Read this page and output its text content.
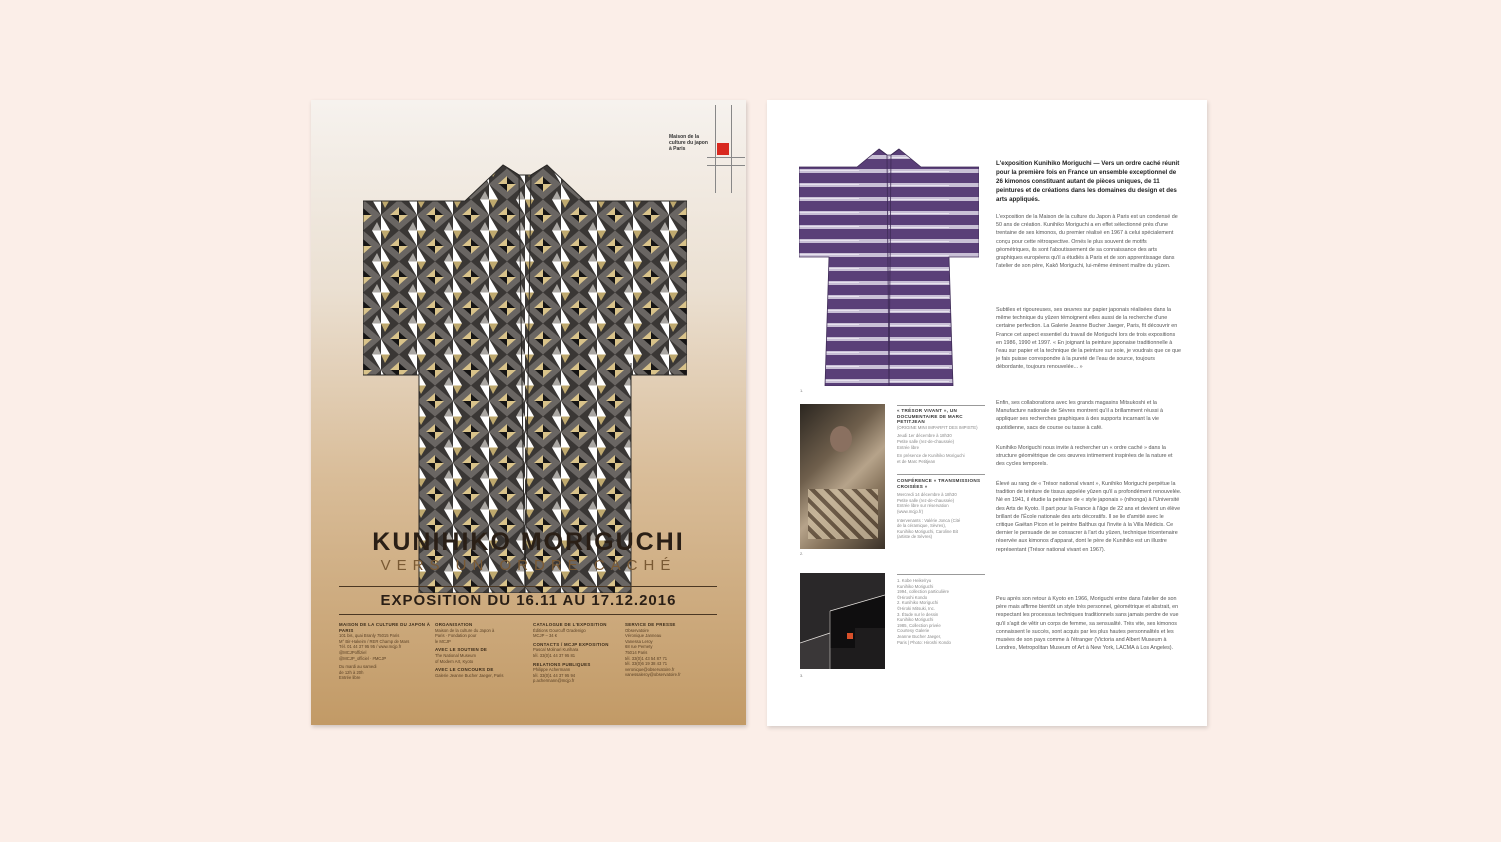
Maison de la culture du japon à Paris
KUNIHIKO MORIGUCHI
VERS UN ORDRE CACHÉ
EXPOSITION DU 16.11 AU 17.12.2016
MAISON DE LA CULTURE DU JAPON À PARIS
101 bis, quai Branly 75015 Paris
M° Bir-Hakeim / RER Champ de Mars
Tél. 01 44 37 95 95 / www.mcjp.fr
@MCJPoffiziel
@MCJP_officiel · #MCJP
Du mardi au samedi
de 12h à 20h
Entrée libre
ORGANISATION
Maison de la culture du Japon à
Paris · Fondation pour
le MCJP
AVEC LE SOUTIEN DE
The National Museum
of Modern Art, Kyoto
AVEC LE CONCOURS DE
Galerie Jeanne Bucher Jaeger, Paris
CATALOGUE DE L'EXPOSITION
Éditions Gourcuff Gradenigo
MCJP – 34 €
CONTACTS / MCJP EXPOSITION
Pascal Molinari Kurihara
tél. 33(0)1 44 37 95 81
RELATIONS PUBLIQUES
Philippe Achermann
tél. 33(0)1 44 37 95 94
p.achermann@mcjp.fr
SERVICE DE PRESSE
Observatoire
Véronique Janneau
Vanessa Leroy
68 rue Pernety
75014 Paris
tél. 33(0)1 43 54 87 71
tél. 33(0)6 19 38 43 71
veronique@observatoire.fr
vanessaleroy@observatoire.fr
1.
2.
3.
« TRÉSOR VIVANT », UN DOCUMENTAIRE DE MARC PETITJEAN
(ORIGINE MINI IMPARFIT DES IMPISTE)
Jeudi 1er décembre à 18h30
Petite salle (rez-de-chaussée)
Entrée libre
En présence de Kunihiko Moriguchi
et de Marc Petitjean
CONFÉRENCE « TRANSMISSIONS CROISÉES »
Mercredi 14 décembre à 18h30
Petite salle (rez-de-chaussée)
Entrée libre sur réservation
(www.mcjp.fr)
Intervenants : Valérie Jonca (Cité
de la céramique, Sèvres),
Kunihiko Moriguchi, Caroline Bit
(artiste de Sèvres)
1. Kobe Heike/ryu
Kunihiko Moriguchi
1994, collection particulière
©Hiroshi Kondo
2. Kunihiko Moriguchi
©Hiroki Mitsuki, Inc.
3. Étude sur le dessin
Kunihiko Moriguchi
1985, Collection privée
Courtesy Galerie
Jeanne Bucher Jaeger,
Paris | Photo: Hiroshi Kondo
L'exposition Kunihiko Moriguchi — Vers un ordre caché réunit pour la première fois en France un ensemble exceptionnel de 26 kimonos constituant autant de pièces uniques, de 11 peintures et de créations dans les domaines du design et des arts appliqués.
L'exposition de la Maison de la culture du Japon à Paris est un condensé de 50 ans de création. Kunihiko Moriguchi a en effet sélectionné près d'une trentaine de ses kimonos, du premier réalisé en 1967 à celui spécialement conçu pour cette rétrospective. Ornés le plus souvent de motifs géométriques, ils sont l'aboutissement de sa connaissance des arts graphiques européens qu'il a étudiés à Paris et de son apprentissage dans l'atelier de son père, Kakô Moriguchi, lui-même éminent maître du yûzen.
Subtiles et rigoureuses, ses œuvres sur papier japonais réalisées dans la même technique du yûzen témoignent elles aussi de la recherche d'une certaine perfection. La Galerie Jeanne Bucher Jaeger, Paris, fit découvrir en France cet aspect essentiel du travail de Moriguchi lors de trois expositions en 1986, 1990 et 1997. « En joignant la peinture japonaise traditionnelle à l'eau sur papier et la technique de la peinture sur soie, je voudrais que ce que je fais puisse correspondre à la pureté de l'eau de source, toujours débordante, toujours renouvelée... »
Enfin, ses collaborations avec les grands magasins Mitsukoshi et la Manufacture nationale de Sèvres montrent qu'il a brillamment réussi à appliquer ses recherches graphiques à des supports incarnant la vie quotidienne, sacs de course ou tasse à café.
Kunihiko Moriguchi nous invite à rechercher un « ordre caché » dans la structure géométrique de ces œuvres intimement inspirées de la nature et des cycles temporels.
Élevé au rang de « Trésor national vivant », Kunihiko Moriguchi perpétue la tradition de teinture de tissus appelée yûzen qu'il a profondément renouvelée. Né en 1941, il étudie la peinture de « style japonais » (nihonga) à l'Université des Arts de Kyoto. Il part pour la France à l'âge de 22 ans et devient un élève brillant de l'École nationale des arts décoratifs. Il se lie d'amitié avec le critique Gaëtan Picon et le peintre Balthus qui l'invite à la Villa Médicis. Ce dernier le persuade de se consacrer à l'art du yûzen, technique tricentenaire réservée aux kimonos d'apparat, dont le père de Kunihiko est un illustre représentant (Trésor national vivant en 1967).
Peu après son retour à Kyoto en 1966, Moriguchi entre dans l'atelier de son père mais affirme bientôt un style très personnel, géométrique et abstrait, en respectant les processus techniques traditionnels sans jamais perdre de vue qu'il s'agit de vêtir un corps de femme, sa sensualité. Très vite, ses kimonos connaissent le succès, sont acquis par les plus hautes personnalités et les musées de son pays comme à l'étranger (Victoria and Albert Museum à Londres, Metropolitan Museum of Art à New York, LACMA à Los Angeles).
